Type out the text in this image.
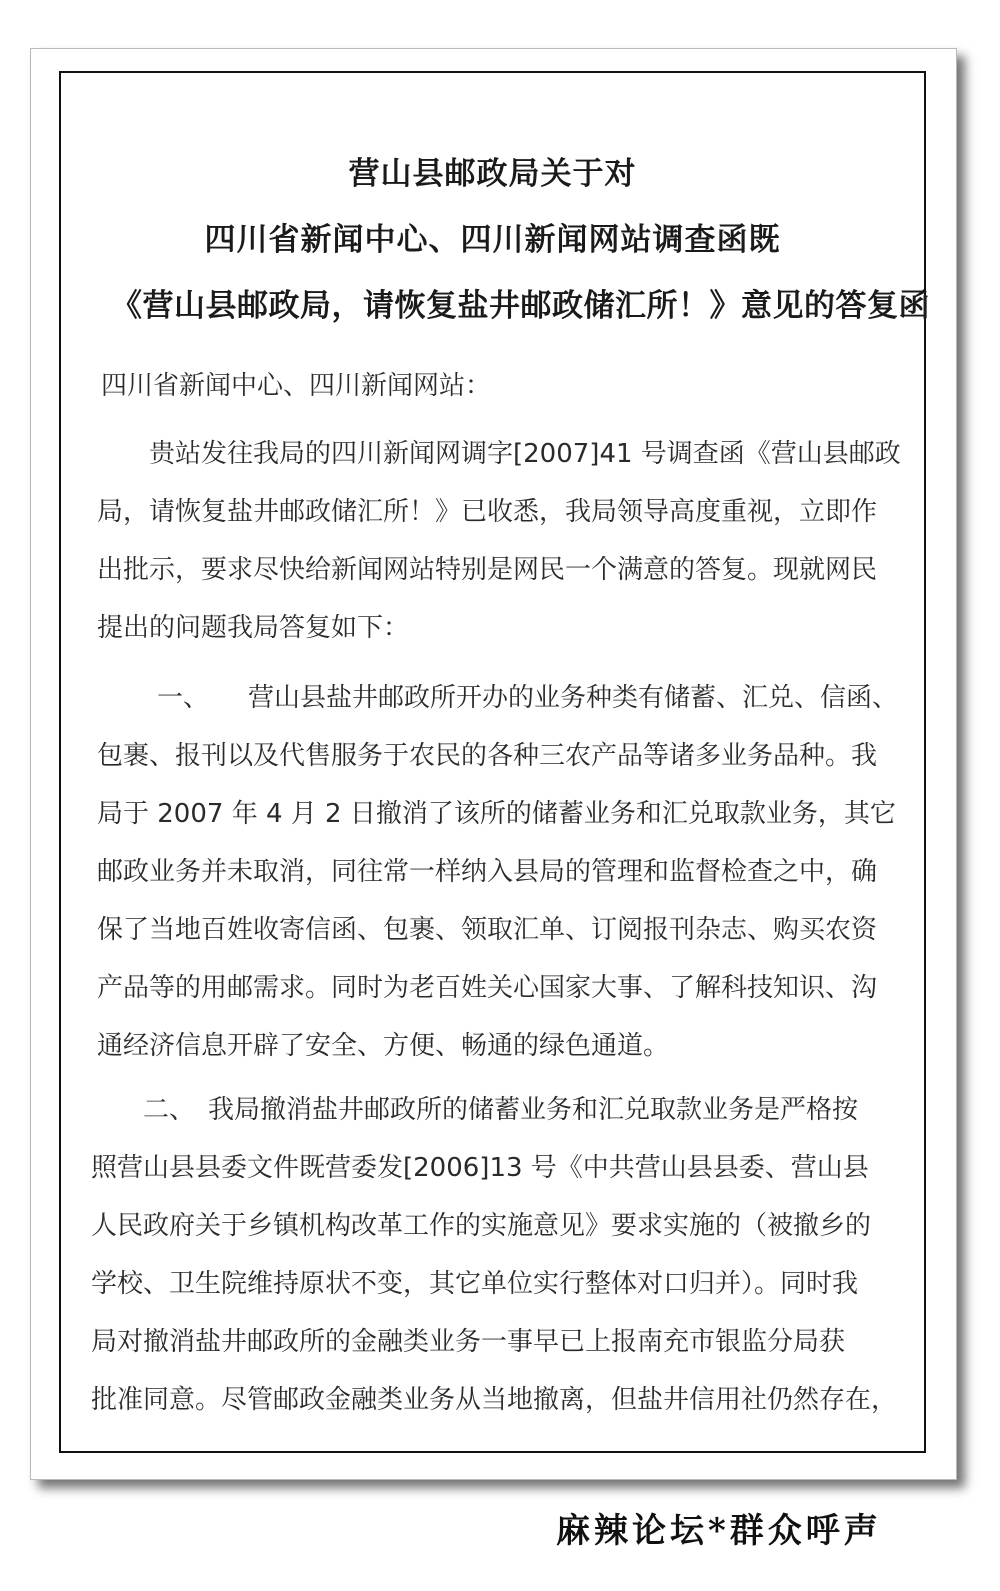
营山县邮政局关于对
四川省新闻中心、四川新闻网站调查函既
《营山县邮政局，请恢复盐井邮政储汇所！》意见的答复函
四川省新闻中心、四川新闻网站：
贵站发往我局的四川新闻网调字[2007]41 号调查函《营山县邮政
局，请恢复盐井邮政储汇所！》已收悉，我局领导高度重视，立即作
出批示，要求尽快给新闻网站特别是网民一个满意的答复。现就网民
提出的问题我局答复如下：
一、　　营山县盐井邮政所开办的业务种类有储蓄、汇兑、信函、
包裹、报刊以及代售服务于农民的各种三农产品等诸多业务品种。我
局于 2007 年 4 月 2 日撤消了该所的储蓄业务和汇兑取款业务，其它
邮政业务并未取消，同往常一样纳入县局的管理和监督检查之中，确
保了当地百姓收寄信函、包裹、领取汇单、订阅报刊杂志、购买农资
产品等的用邮需求。同时为老百姓关心国家大事、了解科技知识、沟
通经济信息开辟了安全、方便、畅通的绿色通道。
二、　我局撤消盐井邮政所的储蓄业务和汇兑取款业务是严格按
照营山县县委文件既营委发[2006]13 号《中共营山县县委、营山县
人民政府关于乡镇机构改革工作的实施意见》要求实施的（被撤乡的
学校、卫生院维持原状不变，其它单位实行整体对口归并）。同时我
局对撤消盐井邮政所的金融类业务一事早已上报南充市银监分局获
批准同意。尽管邮政金融类业务从当地撤离，但盐井信用社仍然存在，
麻辣论坛*群众呼声
